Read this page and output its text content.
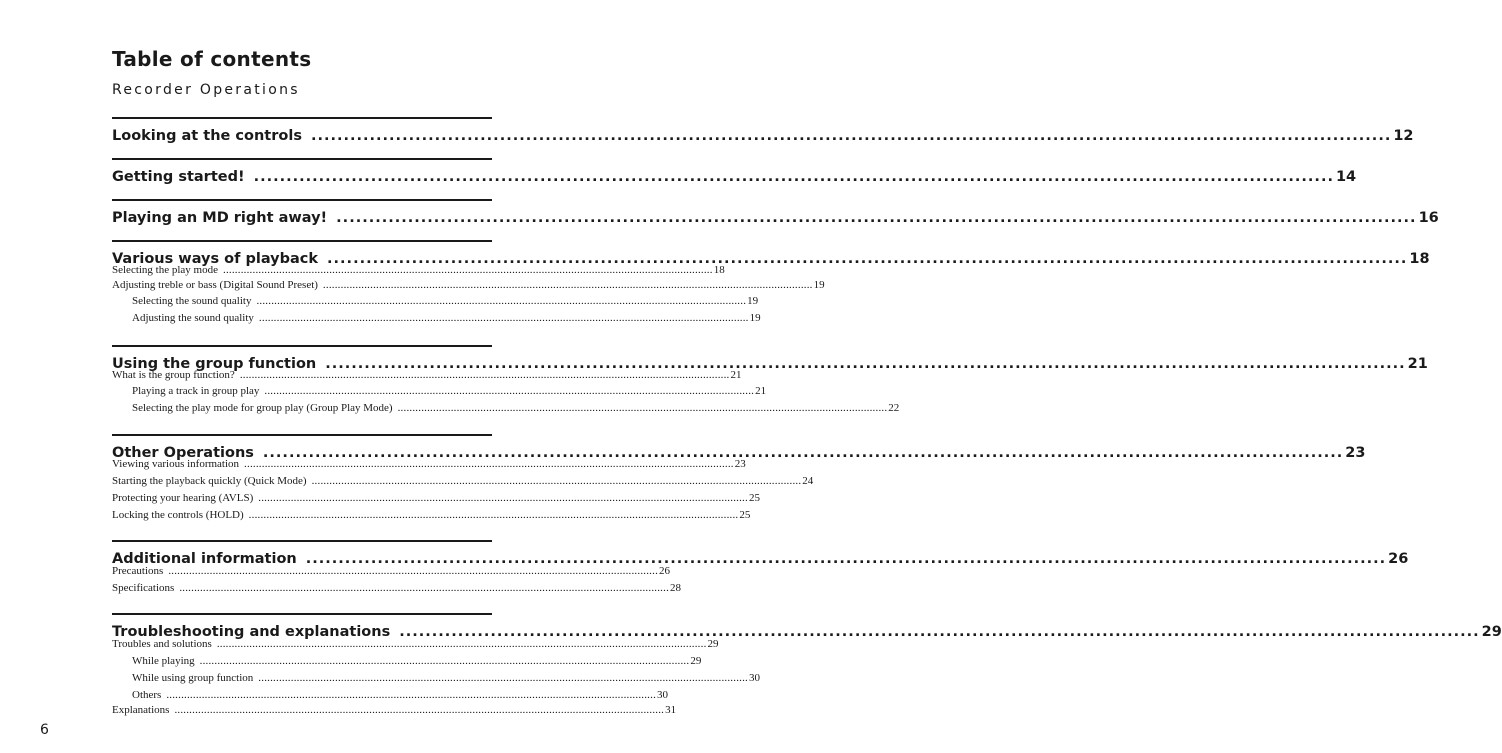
Table of contents
Recorder Operations
Looking at the controls ...................................................................................................................................................................... 12
Getting started! ...................................................................................................................................................................... 14
Playing an MD right away! ...................................................................................................................................................................... 16
Various ways of playback ...................................................................................................................................................................... 18
Selecting the play mode ...................................................................................................................................................................... 18
Adjusting treble or bass (Digital Sound Preset) ...................................................................................................................................................................... 19
Selecting the sound quality ...................................................................................................................................................................... 19
Adjusting the sound quality ...................................................................................................................................................................... 19
Using the group function ...................................................................................................................................................................... 21
What is the group function? ...................................................................................................................................................................... 21
Playing a track in group play ...................................................................................................................................................................... 21
Selecting the play mode for group play (Group Play Mode) ...................................................................................................................................................................... 22
Other Operations ...................................................................................................................................................................... 23
Viewing various information ...................................................................................................................................................................... 23
Starting the playback quickly (Quick Mode) ...................................................................................................................................................................... 24
Protecting your hearing (AVLS) ...................................................................................................................................................................... 25
Locking the controls (HOLD) ...................................................................................................................................................................... 25
Additional information ...................................................................................................................................................................... 26
Precautions ...................................................................................................................................................................... 26
Specifications ...................................................................................................................................................................... 28
Troubleshooting and explanations ...................................................................................................................................................................... 29
Troubles and solutions ...................................................................................................................................................................... 29
While playing ...................................................................................................................................................................... 29
While using group function ...................................................................................................................................................................... 30
Others ...................................................................................................................................................................... 30
Explanations ...................................................................................................................................................................... 31
6
